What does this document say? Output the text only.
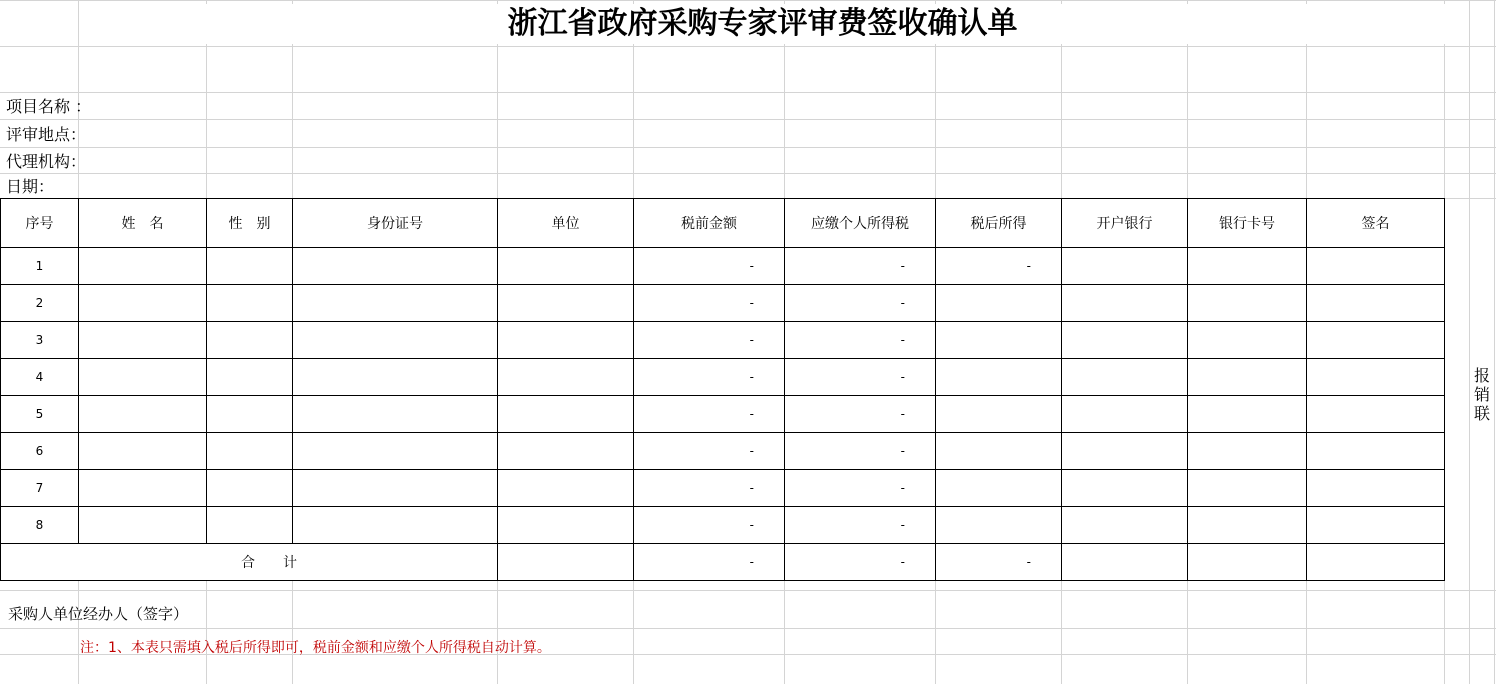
浙江省政府采购专家评审费签收确认单
项目名称 ：
评审地点：
代理机构：
日期：
序号	姓　名	性　别	身份证号	单位	税前金额	应缴个人所得税	税后所得	开户银行	银行卡号	签名
1					-	-	-			
2					-	-				
3					-	-				
4					-	-				
5					-	-				
6					-	-				
7					-	-				
8					-	-				
合　　计					-	-	-			
报
销
联
采购人单位经办人（签字）
注：1、本表只需填入税后所得即可，税前金额和应缴个人所得税自动计算。
